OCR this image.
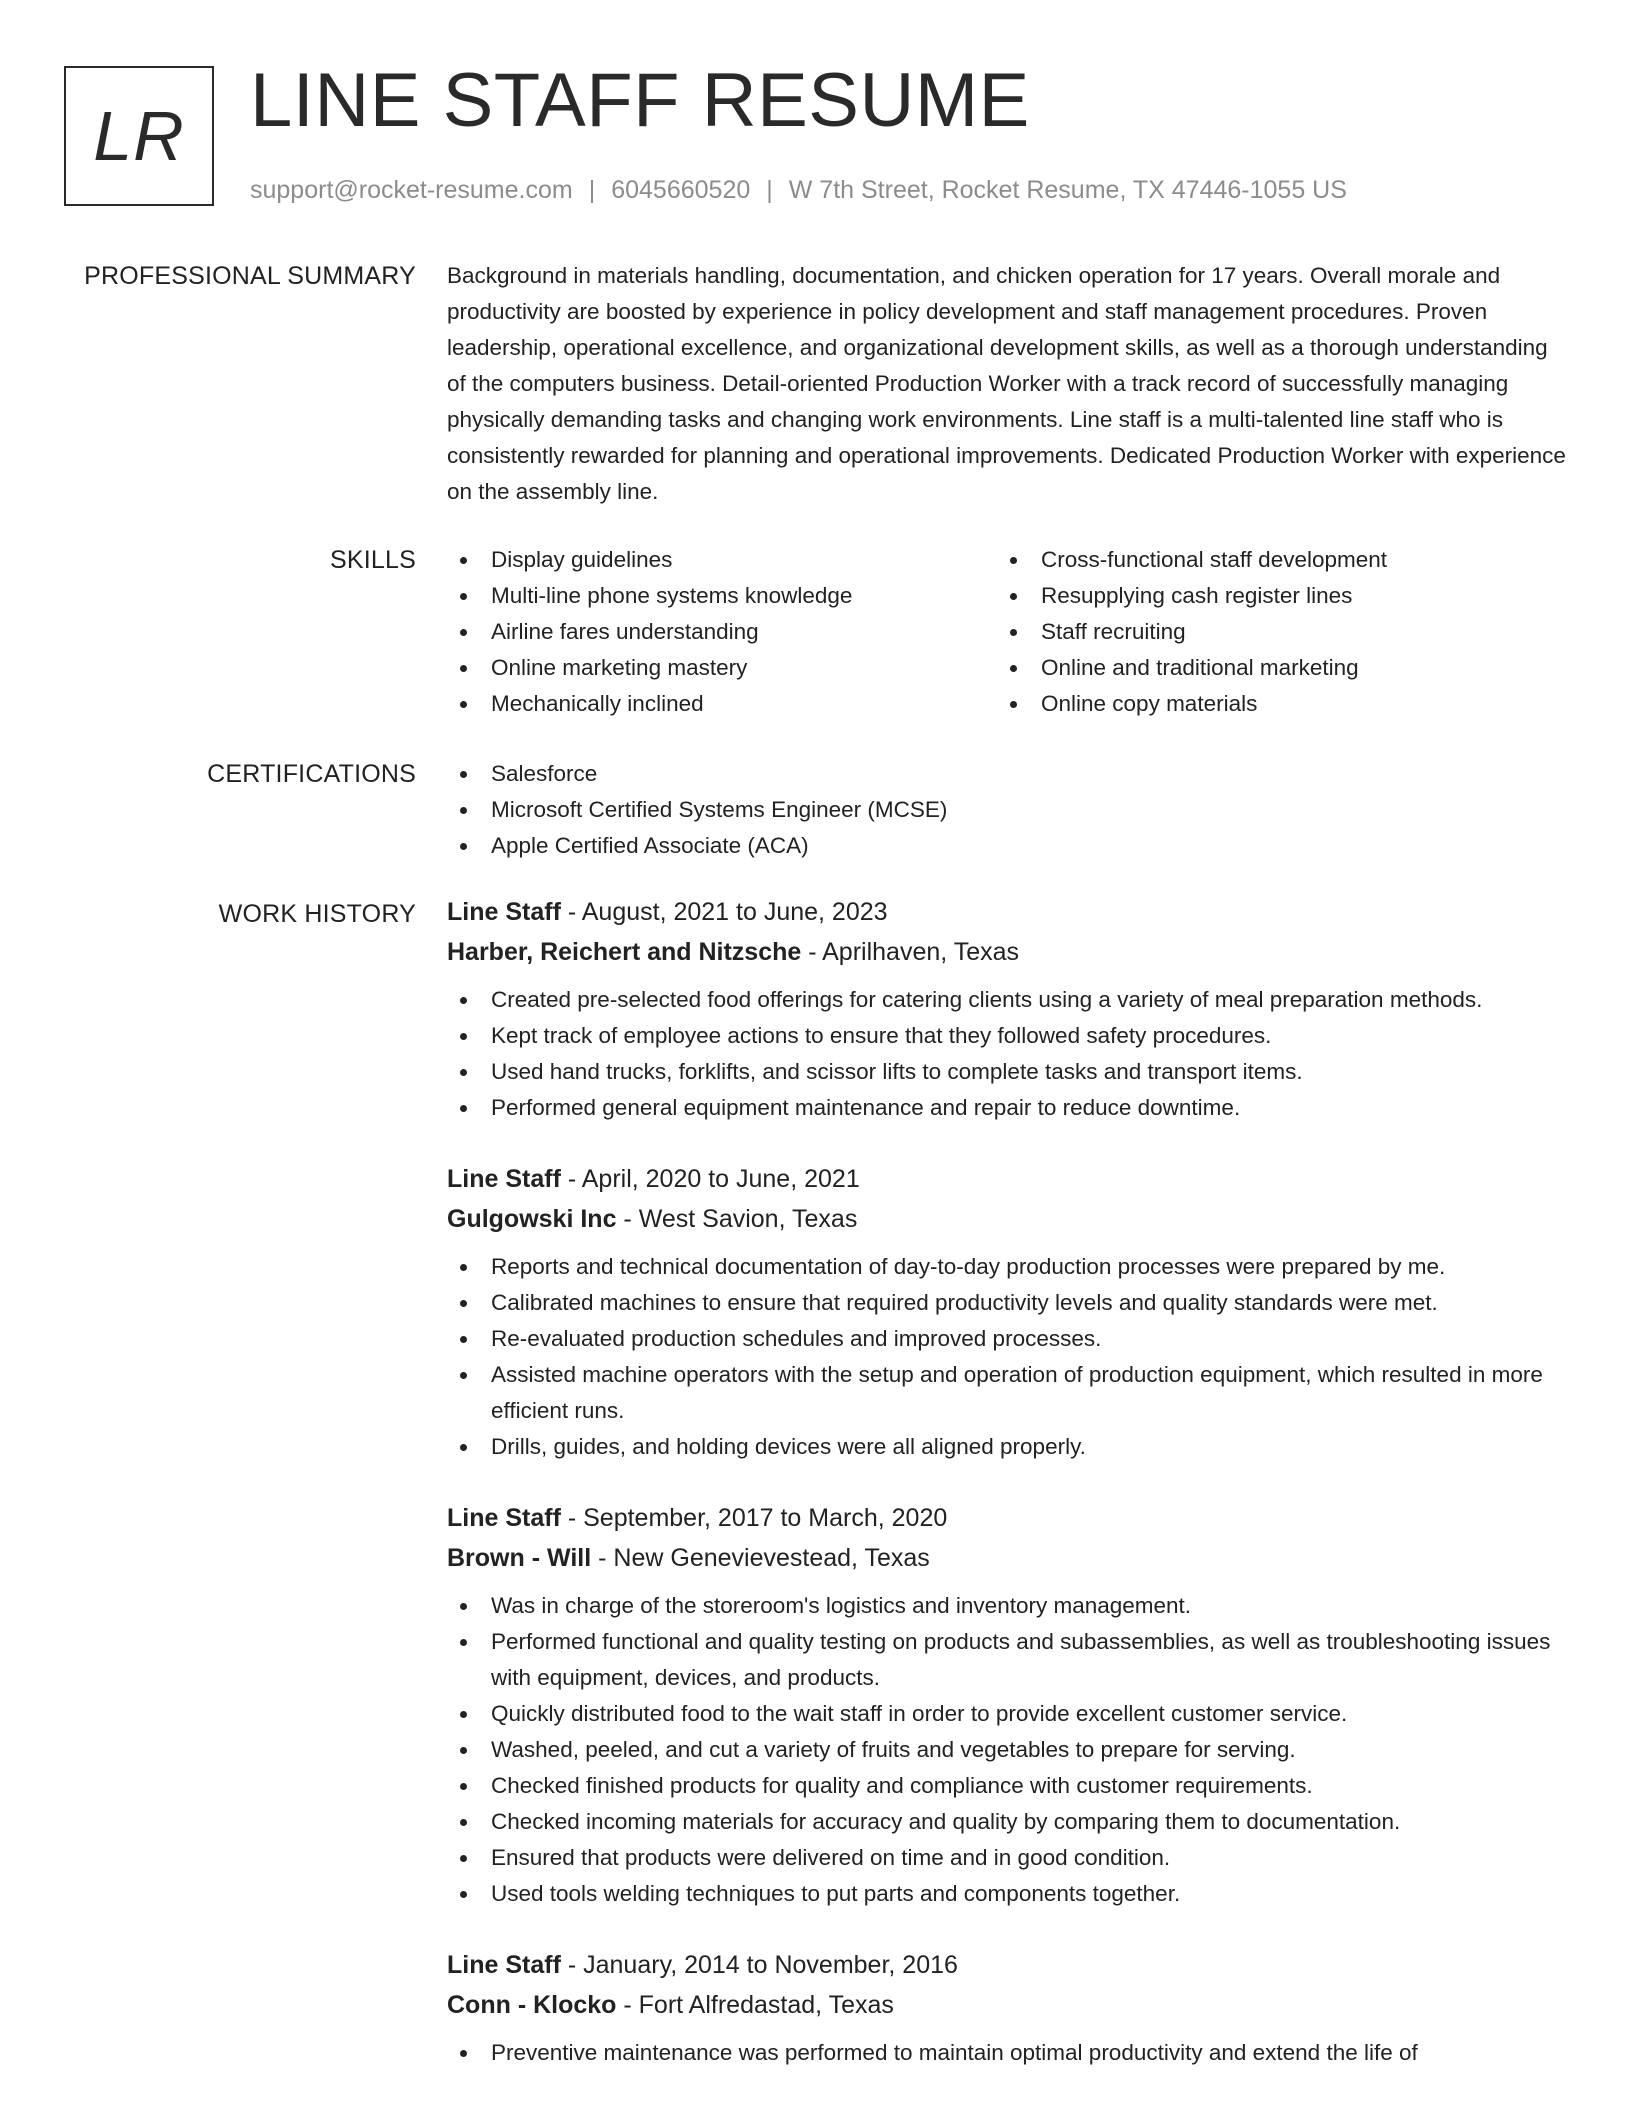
LR LINE STAFF RESUME
support@rocket-resume.com | 6045660520 | W 7th Street, Rocket Resume, TX 47446-1055 US
PROFESSIONAL SUMMARY Background in materials handling, documentation, and chicken operation for 17 years. Overall morale and productivity are boosted by experience in policy development and staff management procedures. Proven leadership, operational excellence, and organizational development skills, as well as a thorough understanding of the computers business. Detail-oriented Production Worker with a track record of successfully managing physically demanding tasks and changing work environments. Line staff is a multi-talented line staff who is consistently rewarded for planning and operational improvements. Dedicated Production Worker with experience on the assembly line.

SKILLS	Display guidelines
Multi-line phone systems knowledge
Airline fares understanding
Online marketing mastery
Mechanically inclined
Cross-functional staff development
Resupplying cash register lines
Staff recruiting
Online and traditional marketing
Online copy materials
CERTIFICATIONS	Salesforce
Microsoft Certified Systems Engineer (MCSE)
Apple Certified Associate (ACA)
WORK HISTORY Line Staff - August, 2021 to June, 2023
Harber, Reichert and Nitzsche - Aprilhaven, Texas
Created pre-selected food offerings for catering clients using a variety of meal preparation methods.
Kept track of employee actions to ensure that they followed safety procedures.
Used hand trucks, forklifts, and scissor lifts to complete tasks and transport items.
Performed general equipment maintenance and repair to reduce downtime.
Line Staff - April, 2020 to June, 2021
Gulgowski Inc - West Savion, Texas
Reports and technical documentation of day-to-day production processes were prepared by me.
Calibrated machines to ensure that required productivity levels and quality standards were met.
Re-evaluated production schedules and improved processes.
Assisted machine operators with the setup and operation of production equipment, which resulted in more efficient runs.
Drills, guides, and holding devices were all aligned properly.
Line Staff - September, 2017 to March, 2020
Brown - Will - New Genevievestead, Texas
Was in charge of the storeroom's logistics and inventory management.
Performed functional and quality testing on products and subassemblies, as well as troubleshooting issues with equipment, devices, and products.
Quickly distributed food to the wait staff in order to provide excellent customer service.
Washed, peeled, and cut a variety of fruits and vegetables to prepare for serving.
Checked finished products for quality and compliance with customer requirements.
Checked incoming materials for accuracy and quality by comparing them to documentation.
Ensured that products were delivered on time and in good condition.
Used tools welding techniques to put parts and components together.
Line Staff - January, 2014 to November, 2016
Conn - Klocko - Fort Alfredastad, Texas
Preventive maintenance was performed to maintain optimal productivity and extend the life of
